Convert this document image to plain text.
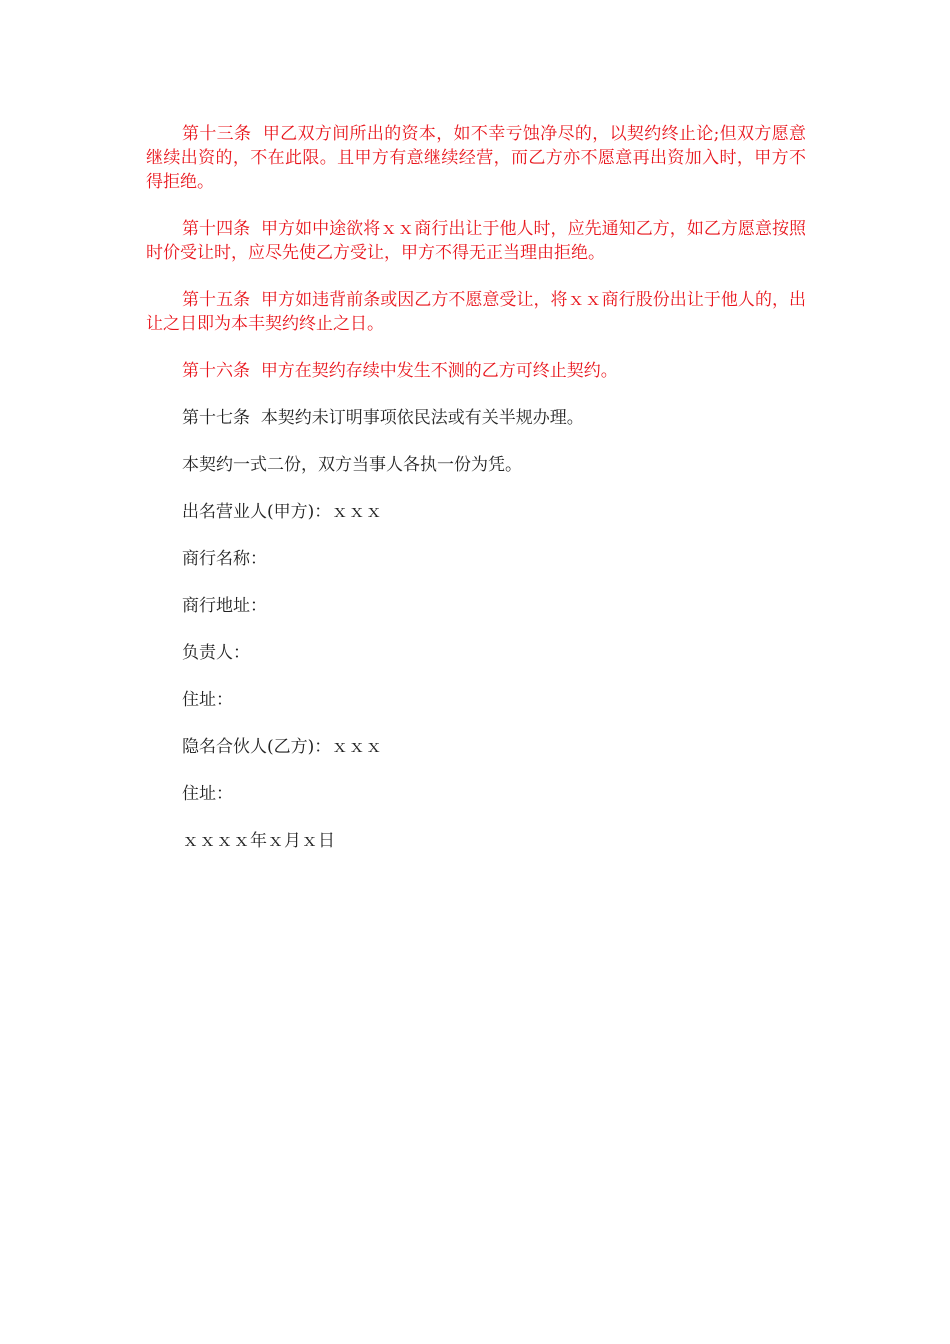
第十三条 甲乙双方间所出的资本，如不幸亏蚀净尽的，以契约终止论;但双方愿意继续出资的，不在此限。且甲方有意继续经营，而乙方亦不愿意再出资加入时，甲方不得拒绝。

第十四条 甲方如中途欲将ｘｘ商行出让于他人时，应先通知乙方，如乙方愿意按照时价受让时，应尽先使乙方受让，甲方不得无正当理由拒绝。

第十五条 甲方如违背前条或因乙方不愿意受让，将ｘｘ商行股份出让于他人的，出让之日即为本丰契约终止之日。

第十六条 甲方在契约存续中发生不测的乙方可终止契约。

第十七条 本契约未订明事项依民法或有关半规办理。

本契约一式二份，双方当事人各执一份为凭。

出名营业人(甲方)：ｘｘｘ

商行名称：

商行地址：

负责人：

住址：

隐名合伙人(乙方)：ｘｘｘ

住址：

ｘｘｘｘ年ｘ月ｘ日
